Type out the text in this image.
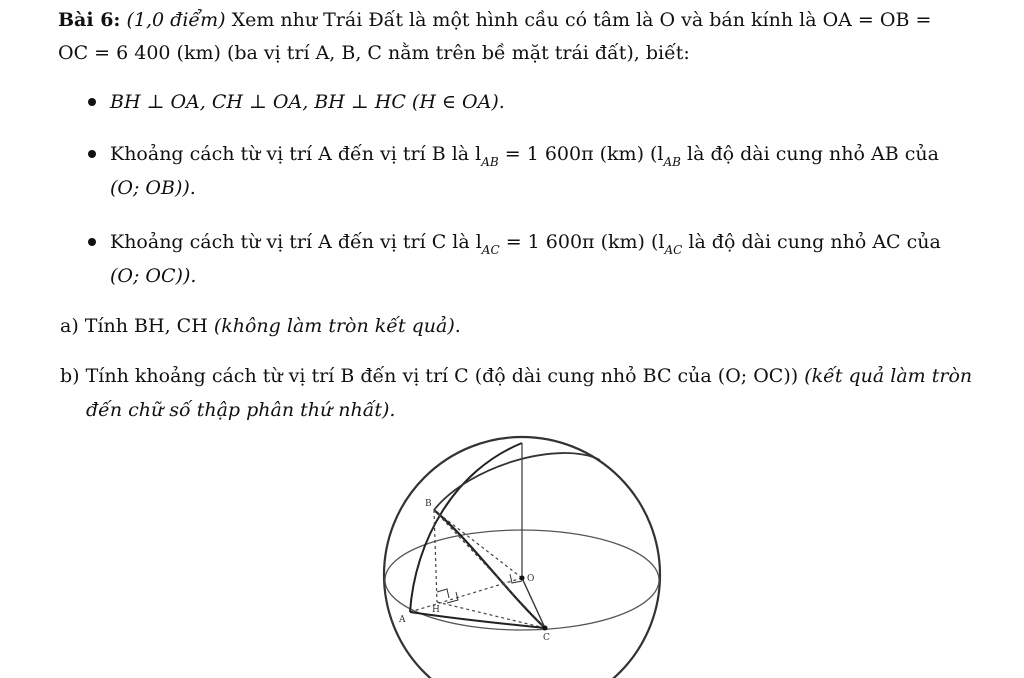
Bài 6: (1,0 điểm) Xem như Trái Đất là một hình cầu có tâm là O và bán kính là OA = OB =
OC = 6 400 (km) (ba vị trí A, B, C nằm trên bề mặt trái đất), biết:
BH ⊥ OA, CH ⊥ OA, BH ⊥ HC (H ∈ OA).
Khoảng cách từ vị trí A đến vị trí B là $l_{AB} = 1$ 600π (km) ($l_{AB}$ là độ dài cung nhỏ AB của
(O; OB)).
Khoảng cách từ vị trí A đến vị trí C là $l_{AC} = 1$ 600π (km) ($l_{AC}$ là độ dài cung nhỏ AC của
(O; OC)).
a) Tính BH, CH (không làm tròn kết quả).
b) Tính khoảng cách từ vị trí B đến vị trí C (độ dài cung nhỏ BC của (O; OC)) (kết quả làm tròn
đến chữ số thập phân thứ nhất).
B
A
H
O
C
